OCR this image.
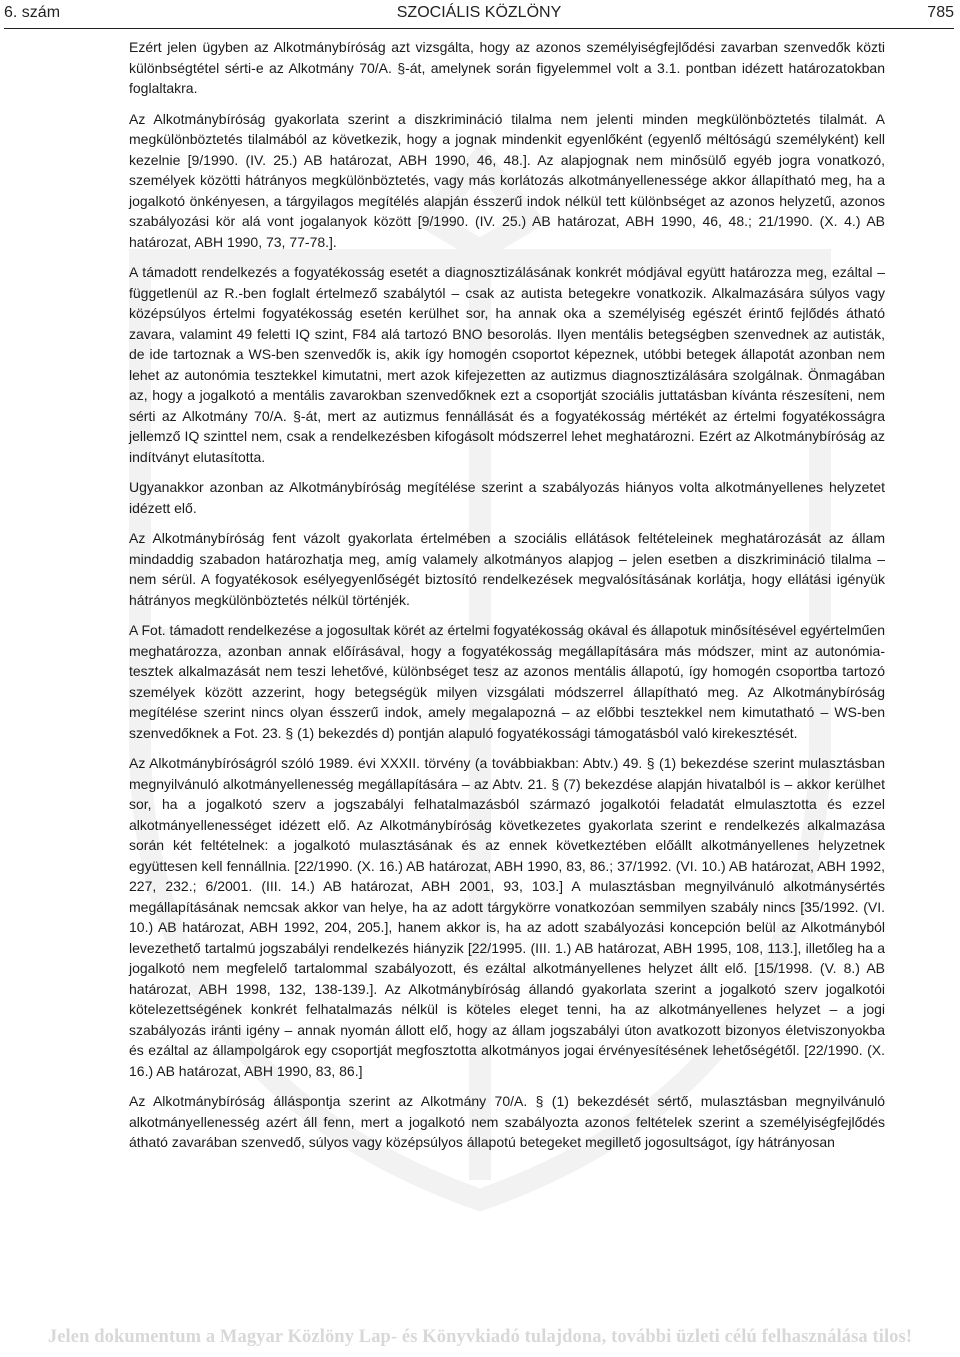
6. szám	SZOCIÁLIS KÖZLÖNY	785

Ezért jelen ügyben az Alkotmánybíróság azt vizsgálta, hogy az azonos személyiségfejlődési zavarban szenvedők közti különbségtétel sérti-e az Alkotmány 70/A. §-át, amelynek során figyelemmel volt a 3.1. pontban idézett határozatokban foglaltakra.

Az Alkotmánybíróság gyakorlata szerint a diszkrimináció tilalma nem jelenti minden megkülönböztetés tilalmát. A megkülönböztetés tilalmából az következik, hogy a jognak mindenkit egyenlőként (egyenlő méltóságú személyként) kell kezelnie [9/1990. (IV. 25.) AB határozat, ABH 1990, 46, 48.]. Az alapjognak nem minősülő egyéb jogra vonatkozó, személyek közötti hátrányos megkülönböztetés, vagy más korlátozás alkotmányellenessége akkor állapítható meg, ha a jogalkotó önkényesen, a tárgyilagos megítélés alapján ésszerű indok nélkül tett különbséget az azonos helyzetű, azonos szabályozási kör alá vont jogalanyok között [9/1990. (IV. 25.) AB határozat, ABH 1990, 46, 48.; 21/1990. (X. 4.) AB határozat, ABH 1990, 73, 77-78.].

A támadott rendelkezés a fogyatékosság esetét a diagnosztizálásának konkrét módjával együtt határozza meg, ezáltal – függetlenül az R.-ben foglalt értelmező szabálytól – csak az autista betegekre vonatkozik. Alkalmazására súlyos vagy középsúlyos értelmi fogyatékosság esetén kerülhet sor, ha annak oka a személyiség egészét érintő fejlődés átható zavara, valamint 49 feletti IQ szint, F84 alá tartozó BNO besorolás. Ilyen mentális betegségben szenvednek az autisták, de ide tartoznak a WS-ben szenvedők is, akik így homogén csoportot képeznek, utóbbi betegek állapotát azonban nem lehet az autonómia tesztekkel kimutatni, mert azok kifejezetten az autizmus diagnosztizálására szolgálnak. Önmagában az, hogy a jogalkotó a mentális zavarokban szenvedőknek ezt a csoportját szociális juttatásban kívánta részesíteni, nem sérti az Alkotmány 70/A. §-át, mert az autizmus fennállását és a fogyatékosság mértékét az értelmi fogyatékosságra jellemző IQ szinttel nem, csak a rendelkezésben kifogásolt módszerrel lehet meghatározni. Ezért az Alkotmánybíróság az indítványt elutasította.

Ugyanakkor azonban az Alkotmánybíróság megítélése szerint a szabályozás hiányos volta alkotmányellenes helyzetet idézett elő.

Az Alkotmánybíróság fent vázolt gyakorlata értelmében a szociális ellátások feltételeinek meghatározását az állam mindaddig szabadon határozhatja meg, amíg valamely alkotmányos alapjog – jelen esetben a diszkrimináció tilalma – nem sérül. A fogyatékosok esélyegyenlőségét biztosító rendelkezések megvalósításának korlátja, hogy ellátási igényük hátrányos megkülönböztetés nélkül történjék.

A Fot. támadott rendelkezése a jogosultak körét az értelmi fogyatékosság okával és állapotuk minősítésével egyértelműen meghatározza, azonban annak előírásával, hogy a fogyatékosság megállapítására más módszer, mint az autonómia-tesztek alkalmazását nem teszi lehetővé, különbséget tesz az azonos mentális állapotú, így homogén csoportba tartozó személyek között azzerint, hogy betegségük milyen vizsgálati módszerrel állapítható meg. Az Alkotmánybíróság megítélése szerint nincs olyan ésszerű indok, amely megalapozná – az előbbi tesztekkel nem kimutatható – WS-ben szenvedőknek a Fot. 23. § (1) bekezdés d) pontján alapuló fogyatékossági támogatásból való kirekesztését.

Az Alkotmánybíróságról szóló 1989. évi XXXII. törvény (a továbbiakban: Abtv.) 49. § (1) bekezdése szerint mulasztásban megnyilvánuló alkotmányellenesség megállapítására – az Abtv. 21. § (7) bekezdése alapján hivatalból is – akkor kerülhet sor, ha a jogalkotó szerv a jogszabályi felhatalmazásból származó jogalkotói feladatát elmulasztotta és ezzel alkotmányellenességet idézett elő. Az Alkotmánybíróság következetes gyakorlata szerint e rendelkezés alkalmazása során két feltételnek: a jogalkotó mulasztásának és az ennek következtében előállt alkotmányellenes helyzetnek együttesen kell fennállnia. [22/1990. (X. 16.) AB határozat, ABH 1990, 83, 86.; 37/1992. (VI. 10.) AB határozat, ABH 1992, 227, 232.; 6/2001. (III. 14.) AB határozat, ABH 2001, 93, 103.] A mulasztásban megnyilvánuló alkotmánysértés megállapításának nemcsak akkor van helye, ha az adott tárgykörre vonatkozóan semmilyen szabály nincs [35/1992. (VI. 10.) AB határozat, ABH 1992, 204, 205.], hanem akkor is, ha az adott szabályozási koncepción belül az Alkotmányból levezethető tartalmú jogszabályi rendelkezés hiányzik [22/1995. (III. 1.) AB határozat, ABH 1995, 108, 113.], illetőleg ha a jogalkotó nem megfelelő tartalommal szabályozott, és ezáltal alkotmányellenes helyzet állt elő. [15/1998. (V. 8.) AB határozat, ABH 1998, 132, 138-139.]. Az Alkotmánybíróság állandó gyakorlata szerint a jogalkotó szerv jogalkotói kötelezettségének konkrét felhatalmazás nélkül is köteles eleget tenni, ha az alkotmányellenes helyzet – a jogi szabályozás iránti igény – annak nyomán állott elő, hogy az állam jogszabályi úton avatkozott bizonyos életviszonyokba és ezáltal az állampolgárok egy csoportját megfosztotta alkotmányos jogai érvényesítésének lehetőségétől. [22/1990. (X. 16.) AB határozat, ABH 1990, 83, 86.]

Az Alkotmánybíróság álláspontja szerint az Alkotmány 70/A. § (1) bekezdését sértő, mulasztásban megnyilvánuló alkotmányellenesség azért áll fenn, mert a jogalkotó nem szabályozta azonos feltételek szerint a személyiségfejlődés átható zavarában szenvedő, súlyos vagy középsúlyos állapotú betegeket megillető jogosultságot, így hátrányosan

Jelen dokumentum a Magyar Közlöny Lap- és Könyvkiadó tulajdona, további üzleti célú felhasználása tilos!
